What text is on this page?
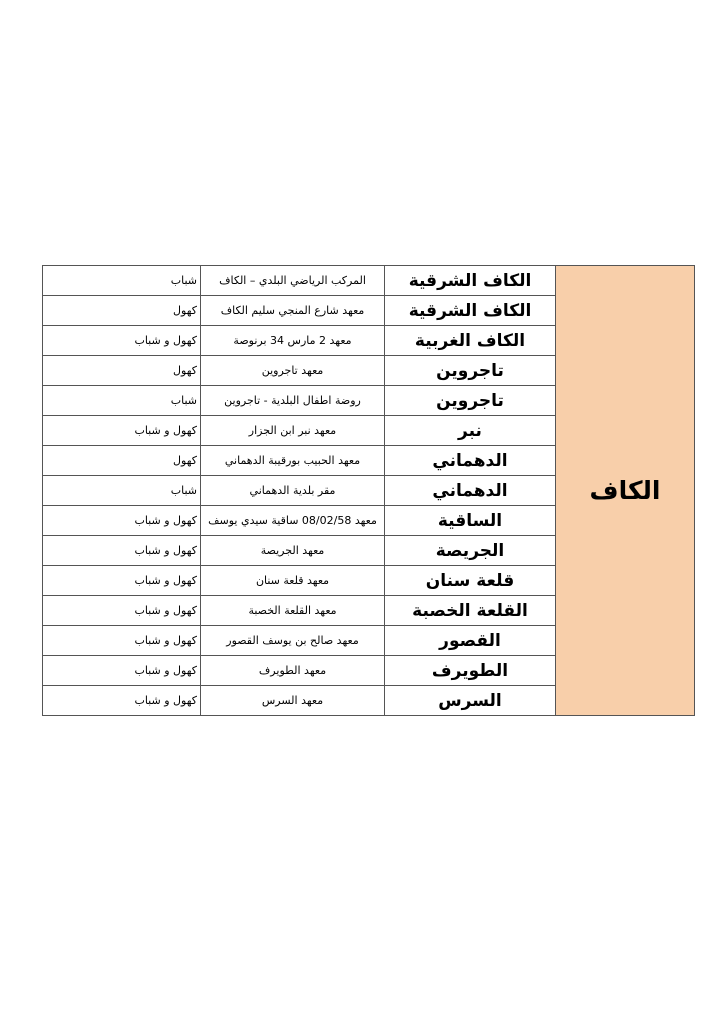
الكاف	الكاف الشرقية	المركب الرياضي البلدي – الكاف	شباب
	الكاف الشرقية	معهد شارع المنجي سليم الكاف	كهول
	الكاف الغربية	معهد 2 مارس 34 برنوصة	كهول و شباب
	تاجروين	معهد تاجروين	كهول
	تاجروين	روضة اطفال البلدية - تاجروين	شباب
	نبر	معهد نبر ابن الجزار	كهول و شباب
	الدهماني	معهد الحبيب بورقيبة الدهماني	كهول
	الدهماني	مقر بلدية الدهماني	شباب
	الساقية	معهد 08/02/58 ساقية سيدي يوسف	كهول و شباب
	الجريصة	معهد الجريصة	كهول و شباب
	قلعة سنان	معهد قلعة سنان	كهول و شباب
	القلعة الخصبة	معهد القلعة الخصبة	كهول و شباب
	القصور	معهد صالح بن يوسف القصور	كهول و شباب
	الطويرف	معهد الطويرف	كهول و شباب
	السرس	معهد السرس	كهول و شباب
